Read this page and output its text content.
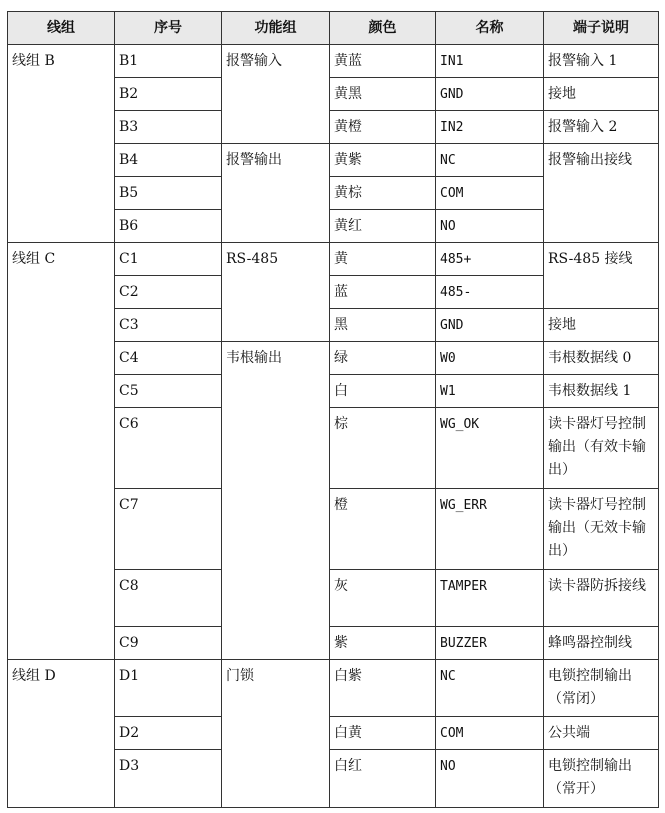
线组	序号	功能组	颜色	名称	端子说明
线组 B	B1	报警输入	黄蓝	IN1	报警输入 1
	B2		黄黑	GND	接地
	B3		黄橙	IN2	报警输入 2
	B4	报警输出	黄紫	NC	报警输出接线
	B5		黄棕	COM	
	B6		黄红	NO	
线组 C	C1	RS-485	黄	485+	RS-485 接线
	C2		蓝	485-	
	C3		黑	GND	接地
	C4	韦根输出	绿	W0	韦根数据线 0
	C5		白	W1	韦根数据线 1
	C6		棕	WG_OK	读卡器灯号控制输出（有效卡输出）
	C7		橙	WG_ERR	读卡器灯号控制输出（无效卡输出）
	C8		灰	TAMPER	读卡器防拆接线
	C9		紫	BUZZER	蜂鸣器控制线
线组 D	D1	门锁	白紫	NC	电锁控制输出（常闭）
	D2		白黄	COM	公共端
	D3		白红	NO	电锁控制输出（常开）
